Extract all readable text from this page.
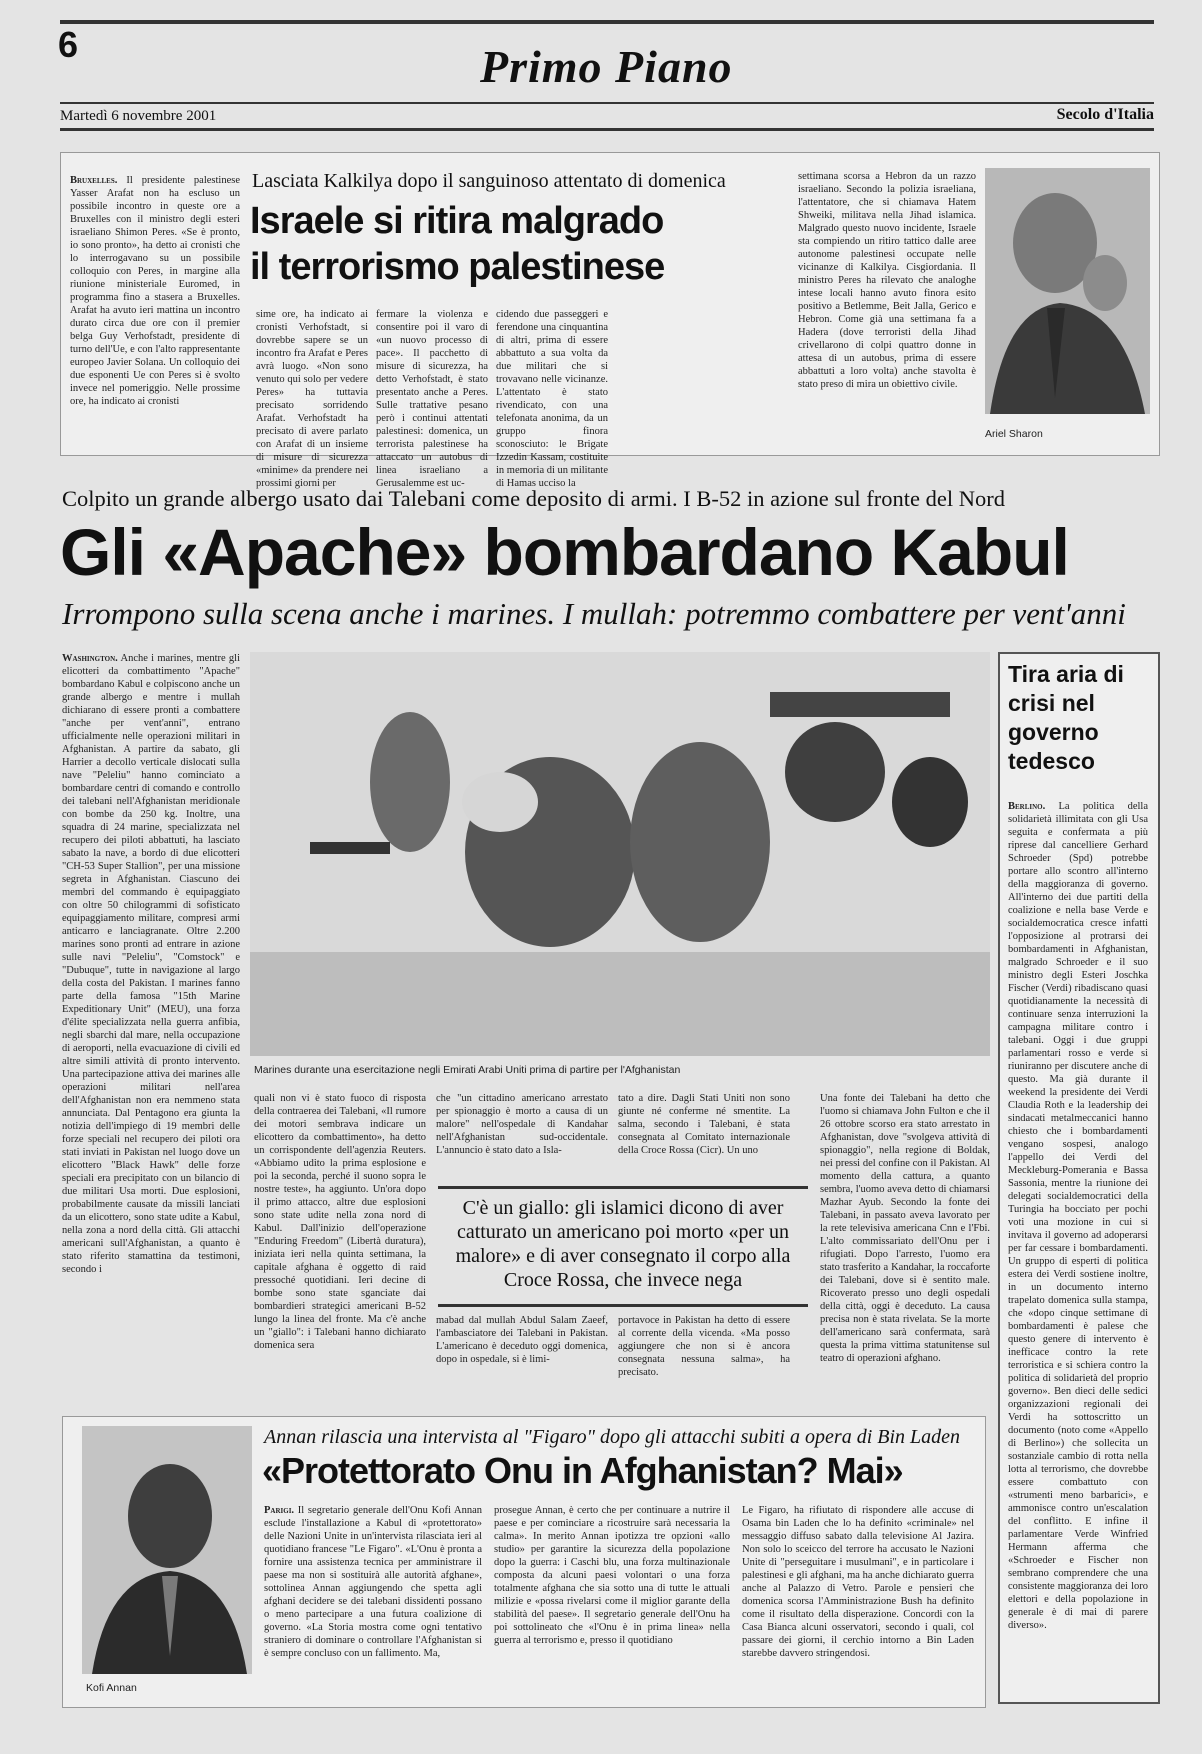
6	Primo Piano
Martedì 6 novembre 2001	Secolo d'Italia
Bruxelles. Il presidente palestinese Yasser Arafat non ha escluso un possibile incontro in queste ore a Bruxelles con il ministro degli esteri israeliano Shimon Peres. «Se è pronto, io sono pronto», ha detto ai cronisti che lo interrogavano su un possibile colloquio con Peres, in margine alla riunione ministeriale Euromed, in programma fino a stasera a Bruxelles. Arafat ha avuto ieri mattina un incontro durato circa due ore con il premier belga Guy Verhofstadt, presidente di turno dell'Ue, e con l'alto rappresentante europeo Javier Solana. Un colloquio dei due esponenti Ue con Peres si è svolto invece nel pomeriggio. Nelle prossime ore, ha indicato ai cronisti
Lasciata Kalkilya dopo il sanguinoso attentato di domenica
Israele si ritira malgrado
il terrorismo palestinese
sime ore, ha indicato ai cronisti Verhofstadt, si dovrebbe sapere se un incontro fra Arafat e Peres avrà luogo. «Non sono venuto qui solo per vedere Peres» ha tuttavia precisato sorridendo Arafat. Verhofstadt ha precisato di avere parlato con Arafat di un insieme di misure di sicurezza «minime» da prendere nei prossimi giorni per
fermare la violenza e consentire poi il varo di «un nuovo processo di pace». Il pacchetto di misure di sicurezza, ha detto Verhofstadt, è stato presentato anche a Peres. Sulle trattative pesano però i continui attentati palestinesi: domenica, un terrorista palestinese ha attaccato un autobus di linea israeliano a Gerusalemme est uc-
cidendo due passeggeri e ferendone una cinquantina di altri, prima di essere abbattuto a sua volta da due militari che si trovavano nelle vicinanze. L'attentato è stato rivendicato, con una telefonata anonima, da un gruppo finora sconosciuto: le Brigate Izzedin Kassam, costituite in memoria di un militante di Hamas ucciso la
settimana scorsa a Hebron da un razzo israeliano. Secondo la polizia israeliana, l'attentatore, che si chiamava Hatem Shweiki, militava nella Jihad islamica. Malgrado questo nuovo incidente, Israele sta compiendo un ritiro tattico dalle aree autonome palestinesi occupate nelle vicinanze di Kalkilya. Cisgiordania. Il ministro Peres ha rilevato che analoghe intese locali hanno avuto finora esito positivo a Betlemme, Beit Jalla, Gerico e Hebron. Come già una settimana fa a Hadera (dove terroristi della Jihad crivellarono di colpi quattro donne in attesa di un autobus, prima di essere abbattuti a loro volta) anche stavolta è stato preso di mira un obiettivo civile.
Ariel Sharon
Colpito un grande albergo usato dai Talebani come deposito di armi. I B-52 in azione sul fronte del Nord
Gli «Apache» bombardano Kabul
Irrompono sulla scena anche i marines. I mullah: potremmo combattere per vent'anni
Washington. Anche i marines, mentre gli elicotteri da combattimento "Apache" bombardano Kabul e colpiscono anche un grande albergo e mentre i mullah dichiarano di essere pronti a combattere "anche per vent'anni", entrano ufficialmente nelle operazioni militari in Afghanistan. A partire da sabato, gli Harrier a decollo verticale dislocati sulla nave "Peleliu" hanno cominciato a bombardare centri di comando e controllo dei talebani nell'Afghanistan meridionale con bombe da 250 kg. Inoltre, una squadra di 24 marine, specializzata nel recupero dei piloti abbattuti, ha lasciato sabato la nave, a bordo di due elicotteri "CH-53 Super Stallion", per una missione segreta in Afghanistan. Ciascuno dei membri del commando è equipaggiato con oltre 50 chilogrammi di sofisticato equipaggiamento militare, compresi armi anticarro e lanciagranate. Oltre 2.200 marines sono pronti ad entrare in azione sulle navi "Peleliu", "Comstock" e "Dubuque", tutte in navigazione al largo della costa del Pakistan. I marines fanno parte della famosa "15th Marine Expeditionary Unit" (MEU), una forza d'élite specializzata nella guerra anfibia, negli sbarchi dal mare, nella occupazione di aeroporti, nella evacuazione di civili ed altre simili attività di pronto intervento. Una partecipazione attiva dei marines alle operazioni militari nell'area dell'Afghanistan non era nemmeno stata annunciata. Dal Pentagono era giunta la notizia dell'impiego di 19 membri delle forze speciali nel recupero dei piloti ora stati inviati in Pakistan nel luogo dove un elicottero "Black Hawk" delle forze speciali era precipitato con un bilancio di due militari Usa morti. Due esplosioni, probabilmente causate da missili lanciati da un elicottero, sono state udite a Kabul, nella zona a nord della città. Gli attacchi americani sull'Afghanistan, a quanto è stato riferito stamattina da testimoni, secondo i
Marines durante una esercitazione negli Emirati Arabi Uniti prima di partire per l'Afghanistan
quali non vi è stato fuoco di risposta della contraerea dei Talebani, «Il rumore dei motori sembrava indicare un elicottero da combattimento», ha detto un corrispondente dell'agenzia Reuters. «Abbiamo udito la prima esplosione e poi la seconda, perché il suono sopra le nostre teste», ha aggiunto. Un'ora dopo il primo attacco, altre due esplosioni sono state udite nella zona nord di Kabul. Dall'inizio dell'operazione "Enduring Freedom" (Libertà duratura), iniziata ieri nella quinta settimana, la capitale afghana è oggetto di raid pressoché quotidiani. Ieri decine di bombe sono state sganciate dai bombardieri strategici americani B-52 lungo la linea del fronte. Ma c'è anche un "giallo": i Talebani hanno dichiarato domenica sera
che "un cittadino americano arrestato per spionaggio è morto a causa di un malore" nell'ospedale di Kandahar nell'Afghanistan sud-occidentale. L'annuncio è stato dato a Isla-
tato a dire. Dagli Stati Uniti non sono giunte né conferme né smentite. La salma, secondo i Talebani, è stata consegnata al Comitato internazionale della Croce Rossa (Cicr). Un uno
Una fonte dei Talebani ha detto che l'uomo si chiamava John Fulton e che il 26 ottobre scorso era stato arrestato in Afghanistan, dove "svolgeva attività di spionaggio", nella regione di Boldak, nei pressi del confine con il Pakistan. Al momento della cattura, a quanto sembra, l'uomo aveva detto di chiamarsi Mazhar Ayub. Secondo la fonte dei Talebani, in passato aveva lavorato per la rete televisiva americana Cnn e l'Fbi. L'alto commissariato dell'Onu per i rifugiati. Dopo l'arresto, l'uomo era stato trasferito a Kandahar, la roccaforte dei Talebani, dove si è sentito male. Ricoverato presso uno degli ospedali della città, oggi è deceduto. La causa precisa non è stata rivelata. Se la morte dell'americano sarà confermata, sarà questa la prima vittima statunitense sul teatro di operazioni afghano.
C'è un giallo: gli islamici dicono di aver catturato un americano poi morto «per un malore» e di aver consegnato il corpo alla Croce Rossa, che invece nega
mabad dal mullah Abdul Salam Zaeef, l'ambasciatore dei Talebani in Pakistan. L'americano è deceduto oggi domenica, dopo in ospedale, si è limi-
portavoce in Pakistan ha detto di essere al corrente della vicenda. «Ma posso aggiungere che non si è ancora consegnata nessuna salma», ha precisato.
Tira aria di crisi nel governo tedesco
Berlino. La politica della solidarietà illimitata con gli Usa seguita e confermata a più riprese dal cancelliere Gerhard Schroeder (Spd) potrebbe portare allo scontro all'interno della maggioranza di governo. All'interno dei due partiti della coalizione e nella base Verde e socialdemocratica cresce infatti l'opposizione al protrarsi dei bombardamenti in Afghanistan, malgrado Schroeder e il suo ministro degli Esteri Joschka Fischer (Verdi) ribadiscano quasi quotidianamente la necessità di continuare senza interruzioni la campagna militare contro i talebani. Oggi i due gruppi parlamentari rosso e verde si riuniranno per discutere anche di questo. Ma già durante il weekend la presidente dei Verdi Claudia Roth e la leadership dei sindacati metalmeccanici hanno chiesto che i bombardamenti vengano sospesi, analogo l'appello dei Verdi del Meckleburg-Pomerania e Bassa Sassonia, mentre la riunione dei delegati socialdemocratici della Turingia ha bocciato per pochi voti una mozione in cui si invitava il governo ad adoperarsi per far cessare i bombardamenti. Un gruppo di esperti di politica estera dei Verdi sostiene inoltre, in un documento interno trapelato domenica sulla stampa, che «dopo cinque settimane di bombardamenti è palese che questo genere di intervento è inefficace contro la rete terroristica e si schiera contro la politica di solidarietà del proprio governo». Ben dieci delle sedici organizzazioni regionali dei Verdi ha sottoscritto un documento (noto come «Appello di Berlino») che sollecita un sostanziale cambio di rotta nella lotta al terrorismo, che dovrebbe essere combattuto con «strumenti meno barbarici», e ammonisce contro un'escalation del conflitto. E infine il parlamentare Verde Winfried Hermann afferma che «Schroeder e Fischer non sembrano comprendere che una consistente maggioranza dei loro elettori e della popolazione in generale è di mai di parere diverso».
Kofi Annan
Annan rilascia una intervista al "Figaro" dopo gli attacchi subiti a opera di Bin Laden
«Protettorato Onu in Afghanistan? Mai»
Parigi. Il segretario generale dell'Onu Kofi Annan esclude l'installazione a Kabul di «protettorato» delle Nazioni Unite in un'intervista rilasciata ieri al quotidiano francese "Le Figaro". «L'Onu è pronta a fornire una assistenza tecnica per amministrare il paese ma non si sostituirà alle autorità afghane», sottolinea Annan aggiungendo che spetta agli afghani decidere se dei talebani dissidenti possano o meno partecipare a una futura coalizione di governo. «La Storia mostra come ogni tentativo straniero di dominare o controllare l'Afghanistan si è sempre concluso con un fallimento. Ma,
prosegue Annan, è certo che per continuare a nutrire il paese e per cominciare a ricostruire sarà necessaria la calma». In merito Annan ipotizza tre opzioni «allo studio» per garantire la sicurezza della popolazione dopo la guerra: i Caschi blu, una forza multinazionale composta da alcuni paesi volontari o una forza totalmente afghana che sia sotto una di tutte le attuali milizie e «possa rivelarsi come il miglior garante della stabilità del paese». Il segretario generale dell'Onu ha poi sottolineato che «l'Onu è in prima linea» nella guerra al terrorismo e, presso il quotidiano
Le Figaro, ha rifiutato di rispondere alle accuse di Osama bin Laden che lo ha definito «criminale» nel messaggio diffuso sabato dalla televisione Al Jazira. Non solo lo sceicco del terrore ha accusato le Nazioni Unite di "perseguitare i musulmani", e in particolare i palestinesi e gli afghani, ma ha anche dichiarato guerra anche al Palazzo di Vetro. Parole e pensieri che domenica scorsa l'Amministrazione Bush ha definito come il risultato della disperazione. Concordi con la Casa Bianca alcuni osservatori, secondo i quali, col passare dei giorni, il cerchio intorno a Bin Laden starebbe davvero stringendosi.
